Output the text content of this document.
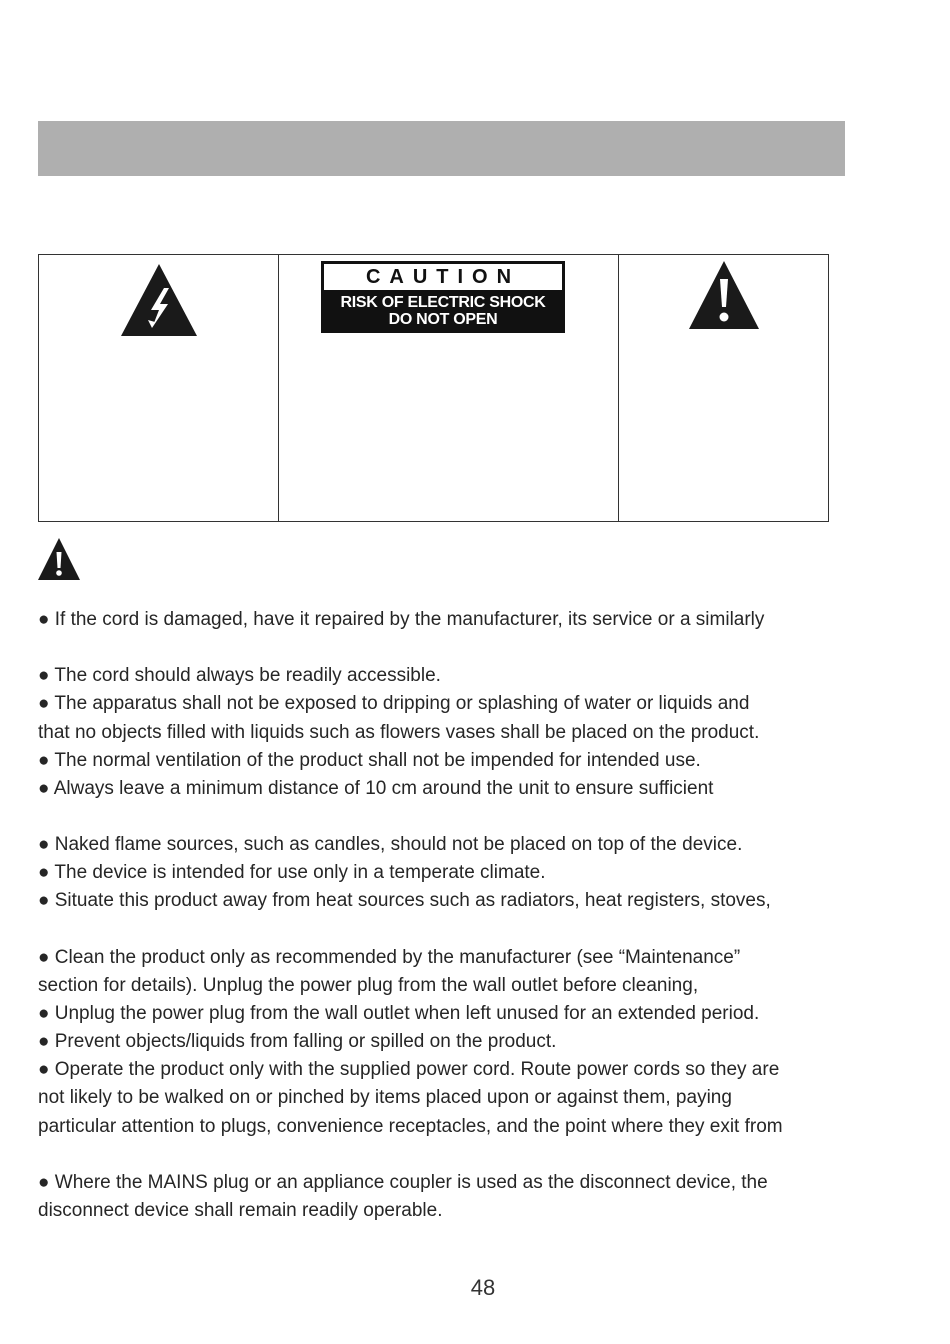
CAUTION
RISK OF ELECTRIC SHOCK
DO NOT OPEN
● If the cord is damaged, have it repaired by the manufacturer, its service or a similarly
● The cord should always be readily accessible.
● The apparatus shall not be exposed to dripping or splashing of water or liquids and
that no objects filled with liquids such as flowers vases shall be placed on the product.
● The normal ventilation of the product shall not be impended for intended use.
● Always leave a minimum distance of 10 cm around the unit to ensure sufficient
● Naked flame sources, such as candles, should not be placed on top of the device.
● The device is intended for use only in a temperate climate.
● Situate this product away from heat sources such as radiators, heat registers, stoves,
● Clean the product only as recommended by the manufacturer (see “Maintenance”
section for details). Unplug the power plug from the wall outlet before cleaning,
● Unplug the power plug from the wall outlet when left unused for an extended period.
● Prevent objects/liquids from falling or spilled on the product.
● Operate the product only with the supplied power cord. Route power cords so they are
not likely to be walked on or pinched by items placed upon or against them, paying
particular attention to plugs, convenience receptacles, and the point where they exit from
● Where the MAINS plug or an appliance coupler is used as the disconnect device, the
disconnect device shall remain readily operable.
48
